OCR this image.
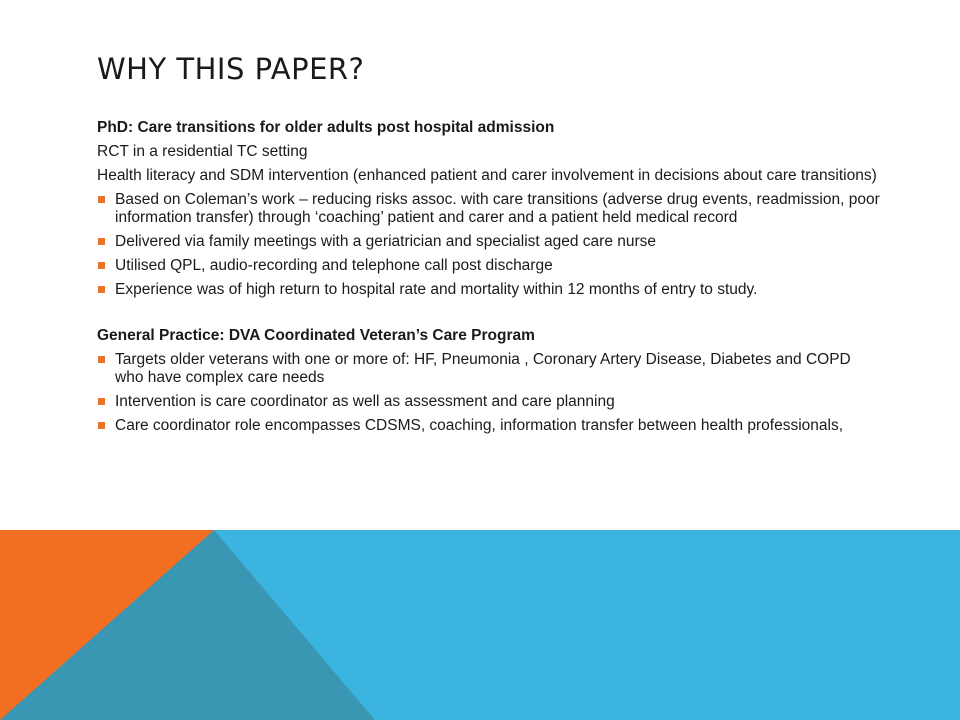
WHY THIS PAPER?

PhD: Care transitions for older adults post hospital admission

RCT in a residential TC setting

Health literacy and SDM intervention (enhanced patient and carer involvement in decisions about care transitions)

Based on Coleman’s work – reducing risks assoc. with care transitions (adverse drug events, readmission, poor information transfer) through ‘coaching’ patient and carer and a patient held medical record
Delivered via family meetings with a geriatrician and specialist aged care nurse
Utilised QPL, audio-recording and telephone call post discharge
Experience was of high return to hospital rate and mortality within 12 months of entry to study.

General Practice: DVA Coordinated Veteran’s Care Program

Targets older veterans with one or more of: HF, Pneumonia , Coronary Artery Disease, Diabetes and COPD who have complex care needs
Intervention is care coordinator as well as assessment and care planning
Care coordinator role encompasses CDSMS, coaching, information transfer between health professionals,
